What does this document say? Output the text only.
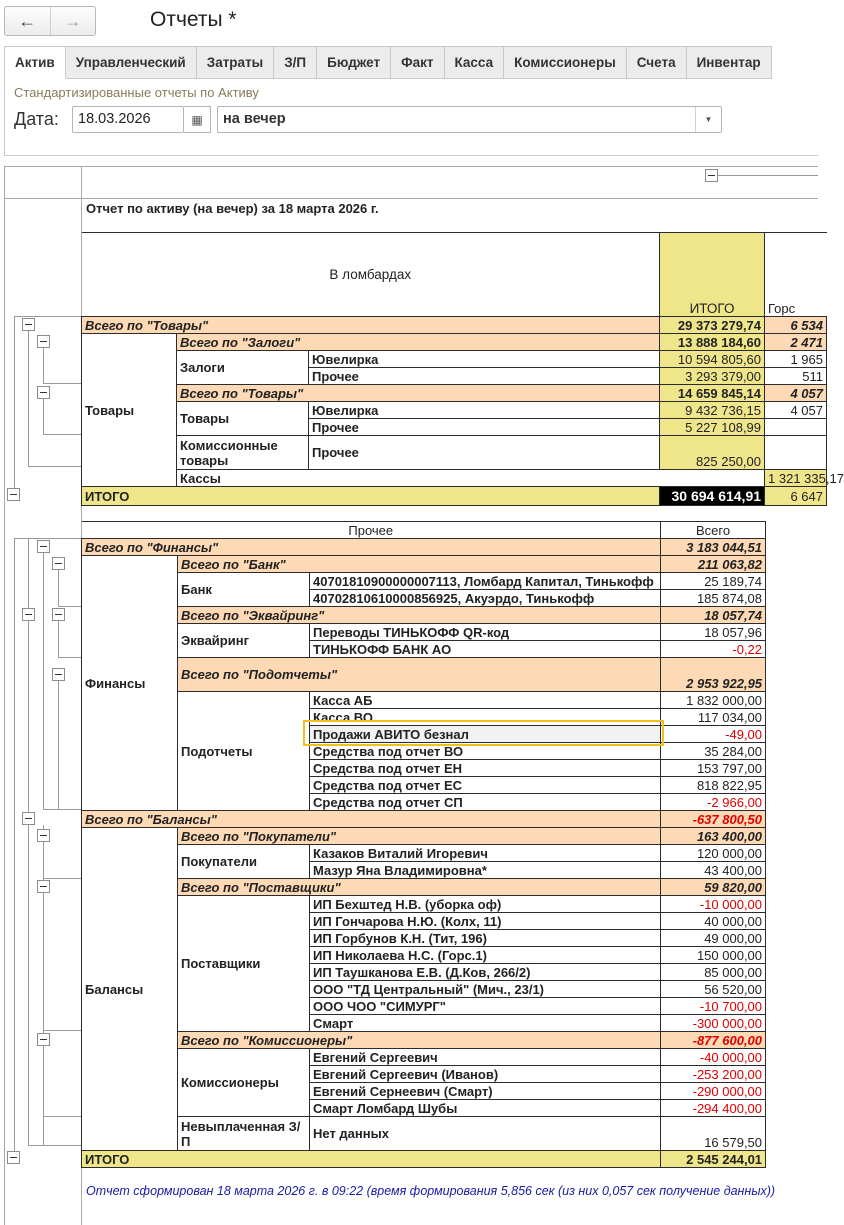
← →	Отчеты *
Актив	Управленческий	Затраты	З/П	Бюджет	Факт	Касса	Комиссионеры	Счета	Инвентар
Стандартизированные отчеты по Активу
Дата:	18.03.2026	▦	на вечер	▼
Отчет по активу (на вечер) за 18 марта 2026 г.
В ломбардах			ИТОГО	Горс	
Всего по "Товары"			29 373 279,74	6 534	
Товары	Всего по "Залоги"		13 888 184,60	2 471	
	Залоги	Ювелирка	10 594 805,60	1 965	
		Прочее	3 293 379,00	511	
	Всего по "Товары"		14 659 845,14	4 057	
	Товары	Ювелирка	9 432 736,15	4 057	
		Прочее	5 227 108,99		
	Комиссионные товары	Прочее	825 250,00		
	Кассы			1 321 335,17	
ИТОГО			30 694 614,91	6 647	
Прочее			Всего
Всего по "Финансы"			3 183 044,51
Финансы	Всего по "Банк"		211 063,82
	Банк	40701810900000007113, Ломбард Капитал, Тинькофф	25 189,74
		40702810610000856925, Акуэрдо, Тинькофф	185 874,08
	Всего по "Эквайринг"		18 057,74
	Эквайринг	Переводы ТИНЬКОФФ QR-код	18 057,96
		ТИНЬКОФФ БАНК АО	-0,22
	Всего по "Подотчеты"		2 953 922,95
	Подотчеты	Касса АБ	1 832 000,00
		Касса ВО	117 034,00
		Продажи АВИТО безнал	-49,00
		Средства под отчет ВО	35 284,00
		Средства под отчет ЕН	153 797,00
		Средства под отчет ЕС	818 822,95
		Средства под отчет СП	-2 966,00
Всего по "Балансы"			-637 800,50
Балансы	Всего по "Покупатели"		163 400,00
	Покупатели	Казаков Виталий Игоревич	120 000,00
		Мазур Яна Владимировна*	43 400,00
	Всего по "Поставщики"		59 820,00
	Поставщики	ИП Бехштед Н.В. (уборка оф)	-10 000,00
		ИП Гончарова Н.Ю. (Колх, 11)	40 000,00
		ИП Горбунов К.Н. (Тит, 196)	49 000,00
		ИП Николаева Н.С. (Горс.1)	150 000,00
		ИП Таушканова Е.В. (Д.Ков, 266/2)	85 000,00
		ООО "ТД Центральный" (Мич., 23/1)	56 520,00
		ООО ЧОО "СИМУРГ"	-10 700,00
		Смарт	-300 000,00
	Всего по "Комиссионеры"		-877 600,00
	Комиссионеры	Евгений Сергеевич	-40 000,00
		Евгений Сергеевич (Иванов)	-253 200,00
		Евгений Сернеевич (Смарт)	-290 000,00
		Смарт Ломбард Шубы	-294 400,00
	Невыплаченная З/П	Нет данных	16 579,50
ИТОГО			2 545 244,01
Отчет сформирован 18 марта 2026 г. в 09:22 (время формирования 5,856 сек (из них 0,057 сек получение данных))
